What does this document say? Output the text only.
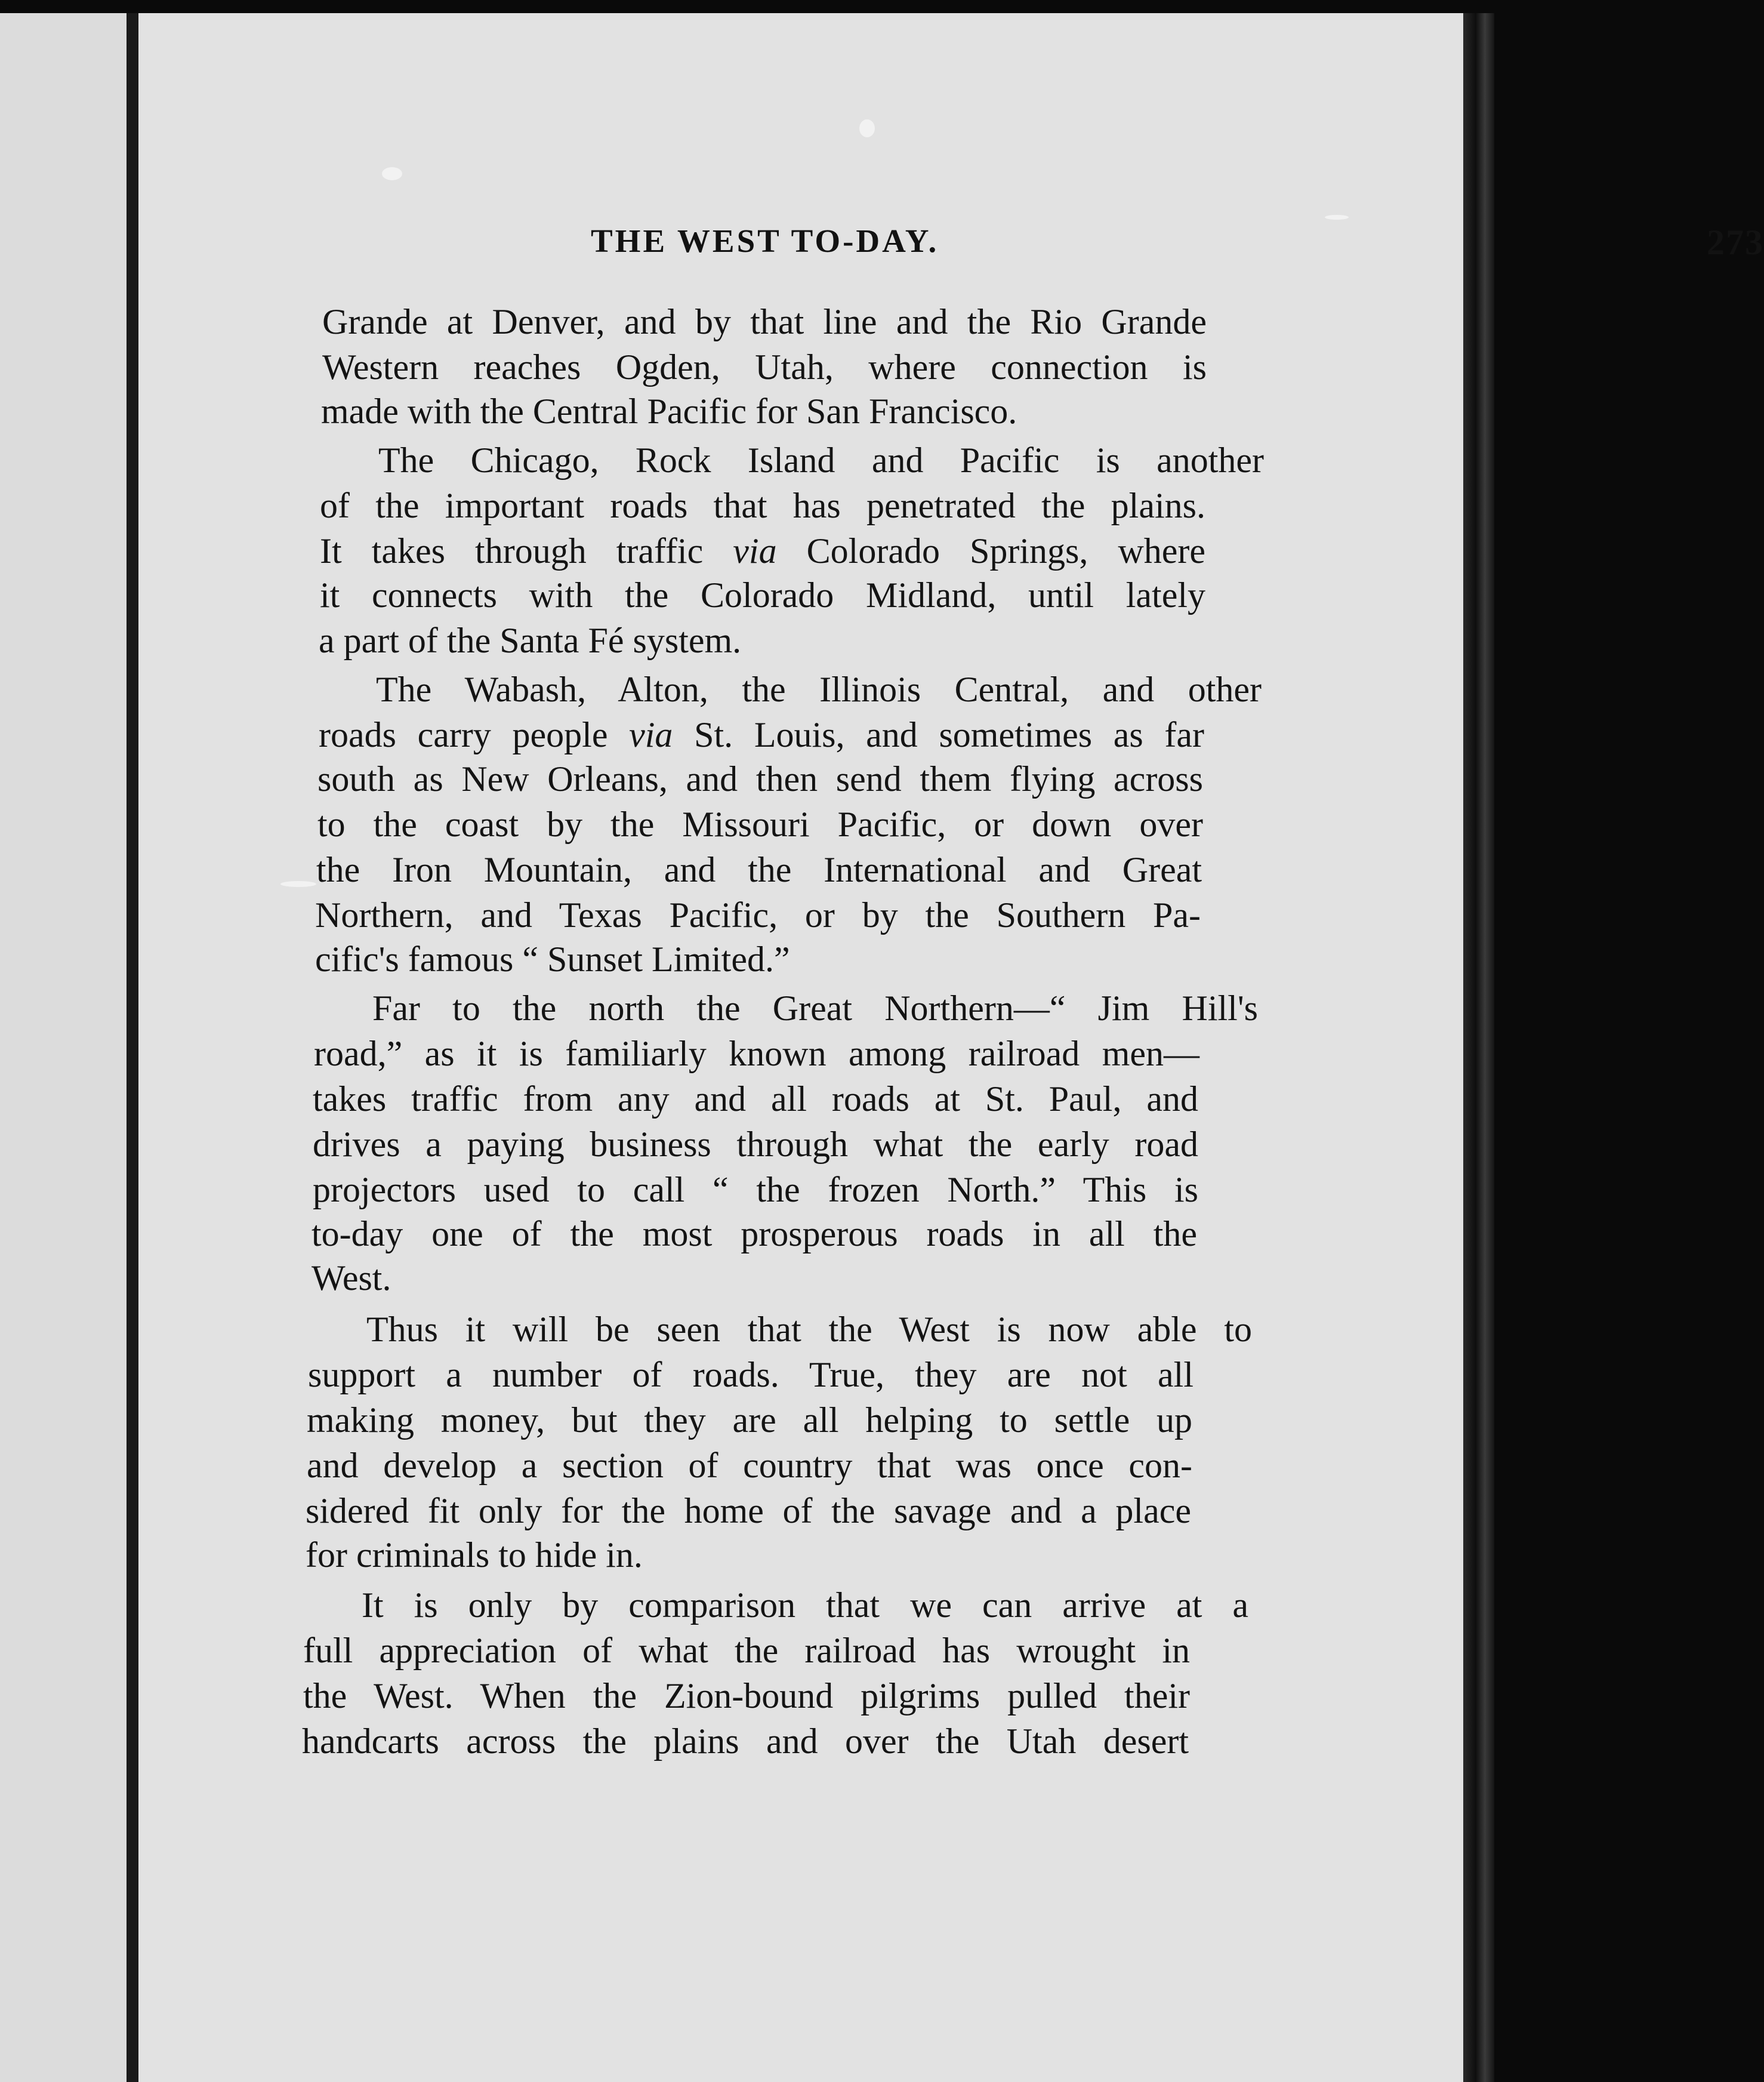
THE WEST TO-DAY.	273
Grande at Denver, and by that line and the Rio Grande
Western reaches Ogden, Utah, where connection is
made with the Central Pacific for San Francisco.
The Chicago, Rock Island and Pacific is another
of the important roads that has penetrated the plains.
It takes through traffic via Colorado Springs, where
it connects with the Colorado Midland, until lately
a part of the Santa Fé system.
The Wabash, Alton, the Illinois Central, and other
roads carry people via St. Louis, and sometimes as far
south as New Orleans, and then send them flying across
to the coast by the Missouri Pacific, or down over
the Iron Mountain, and the International and Great
Northern, and Texas Pacific, or by the Southern Pa-
cific's famous “ Sunset Limited.”
Far to the north the Great Northern—“ Jim Hill's
road,” as it is familiarly known among railroad men—
takes traffic from any and all roads at St. Paul, and
drives a paying business through what the early road
projectors used to call “ the frozen North.” This is
to-day one of the most prosperous roads in all the
West.
Thus it will be seen that the West is now able to
support a number of roads. True, they are not all
making money, but they are all helping to settle up
and develop a section of country that was once con-
sidered fit only for the home of the savage and a place
for criminals to hide in.
It is only by comparison that we can arrive at a
full appreciation of what the railroad has wrought in
the West. When the Zion-bound pilgrims pulled their
handcarts across the plains and over the Utah desert
